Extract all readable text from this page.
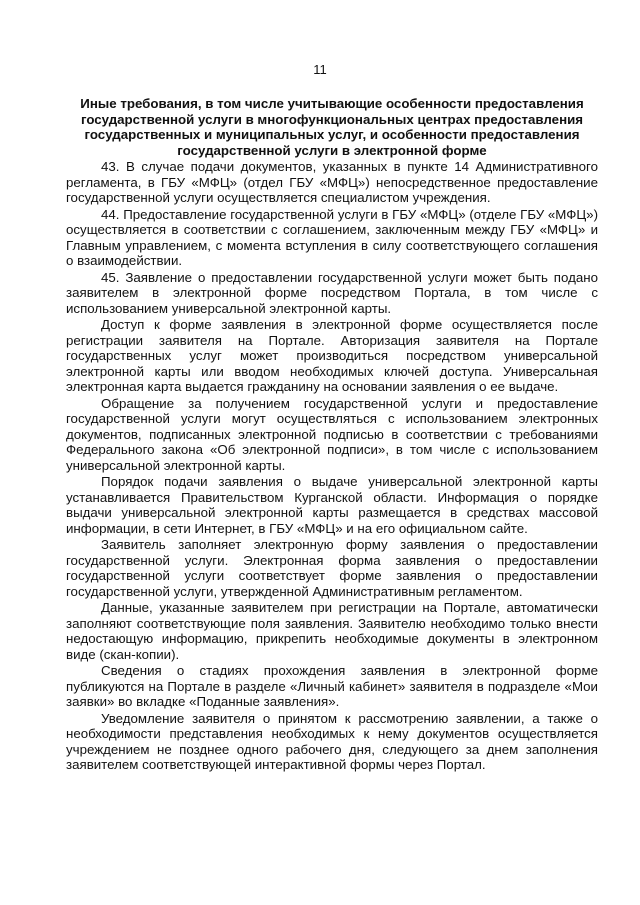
11
Иные требования, в том числе учитывающие особенности предоставления государственной услуги в многофункциональных центрах предоставления государственных и муниципальных услуг, и особенности предоставления государственной услуги в электронной форме

43. В случае подачи документов, указанных в пункте 14 Административного регламента, в ГБУ «МФЦ» (отдел ГБУ «МФЦ») непосредственное предоставление государственной услуги осуществляется специалистом учреждения.

44. Предоставление государственной услуги в ГБУ «МФЦ» (отделе ГБУ «МФЦ») осуществляется в соответствии с соглашением, заключенным между ГБУ «МФЦ» и Главным управлением, с момента вступления в силу соответствующего соглашения о взаимодействии.

45. Заявление о предоставлении государственной услуги может быть подано заявителем в электронной форме посредством Портала, в том числе с использованием универсальной электронной карты.

Доступ к форме заявления в электронной форме осуществляется после регистрации заявителя на Портале. Авторизация заявителя на Портале государственных услуг может производиться посредством универсальной электронной карты или вводом необходимых ключей доступа. Универсальная электронная карта выдается гражданину на основании заявления о ее выдаче.

Обращение за получением государственной услуги и предоставление государственной услуги могут осуществляться с использованием электронных документов, подписанных электронной подписью в соответствии с требованиями Федерального закона «Об электронной подписи», в том числе с использованием универсальной электронной карты.

Порядок подачи заявления о выдаче универсальной электронной карты устанавливается Правительством Курганской области. Информация о порядке выдачи универсальной электронной карты размещается в средствах массовой информации, в сети Интернет, в ГБУ «МФЦ» и на его официальном сайте.

Заявитель заполняет электронную форму заявления о предоставлении государственной услуги. Электронная форма заявления о предоставлении государственной услуги соответствует форме заявления о предоставлении государственной услуги, утвержденной Административным регламентом.

Данные, указанные заявителем при регистрации на Портале, автоматически заполняют соответствующие поля заявления. Заявителю необходимо только внести недостающую информацию, прикрепить необходимые документы в электронном виде (скан-копии).

Сведения о стадиях прохождения заявления в электронной форме публикуются на Портале в разделе «Личный кабинет» заявителя в подразделе «Мои заявки» во вкладке «Поданные заявления».

Уведомление заявителя о принятом к рассмотрению заявлении, а также о необходимости представления необходимых к нему документов осуществляется учреждением не позднее одного рабочего дня, следующего за днем заполнения заявителем соответствующей интерактивной формы через Портал.
